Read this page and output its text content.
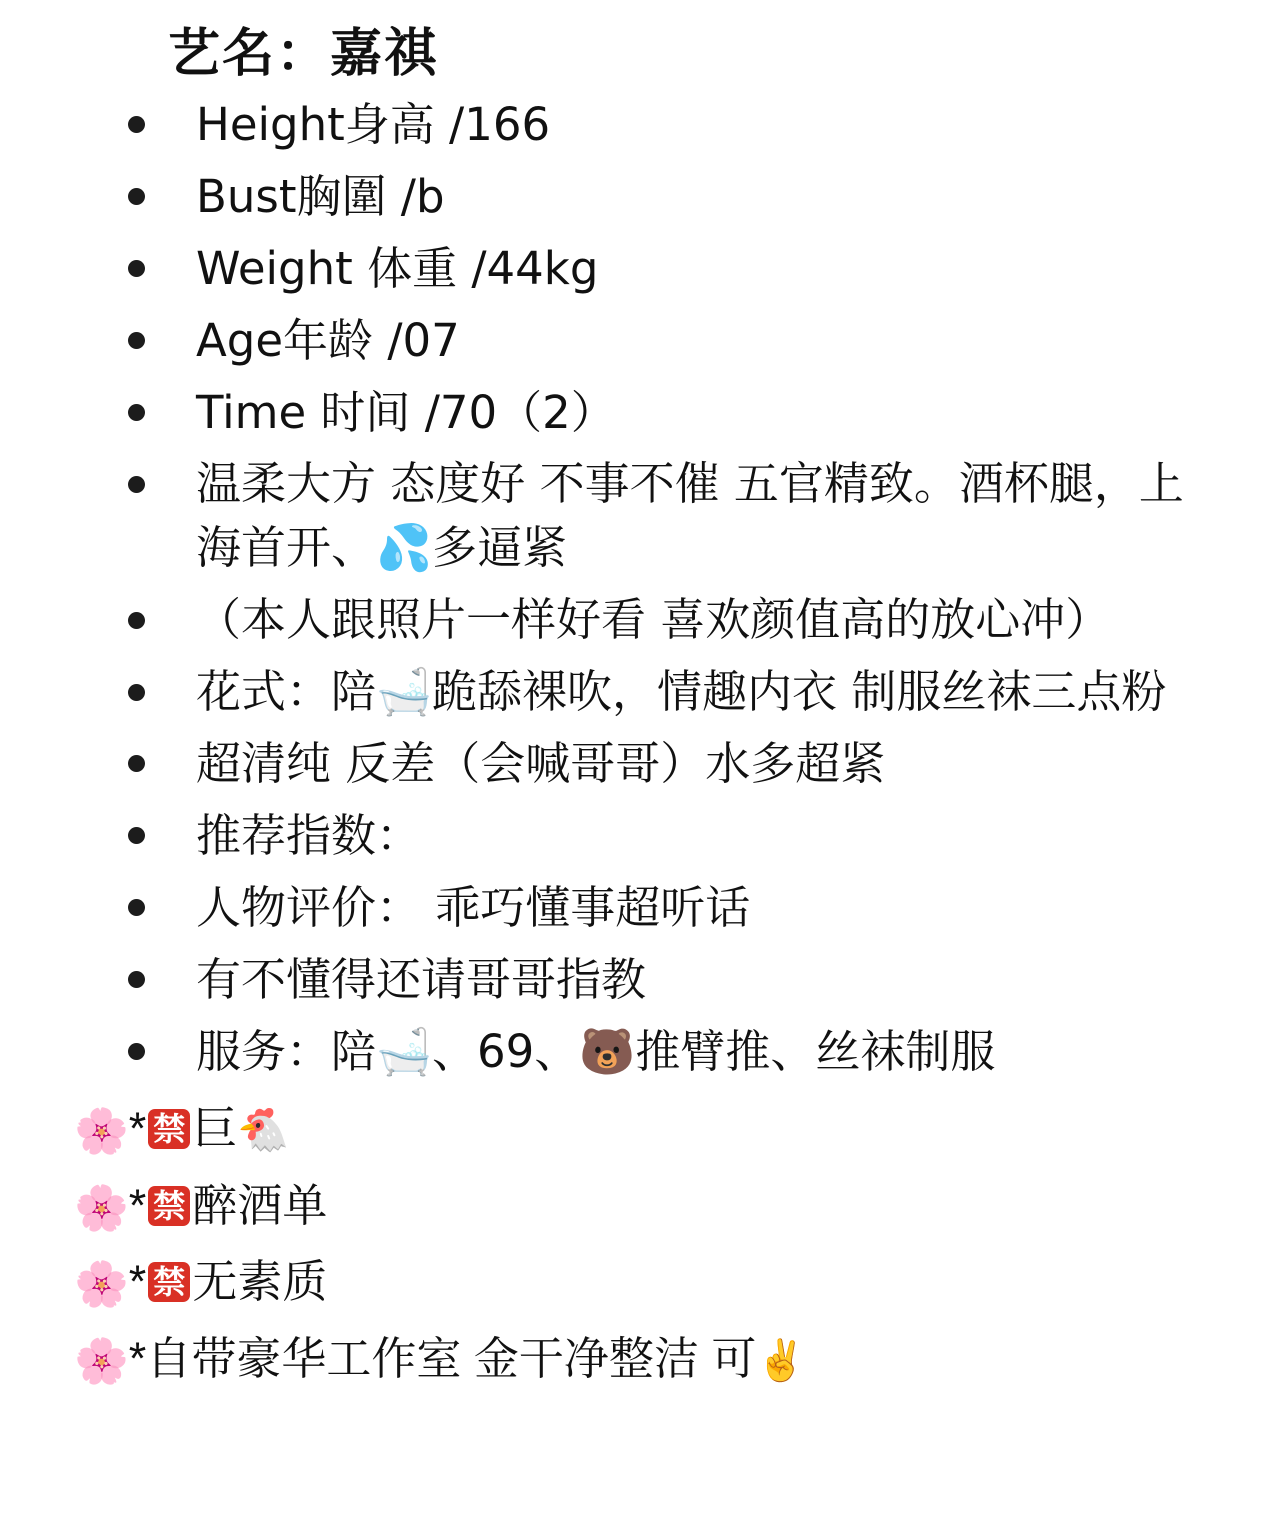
艺名：嘉祺
Height身高 /166
Bust胸圍 /b
Weight 体重 /44kg
Age年龄 /07
Time 时间 /70（2）
温柔大方 态度好 不事不催 五官精致。酒杯腿，上海首开、💦多逼紧
（本人跟照片一样好看 喜欢颜值高的放心冲）
花式：陪🛁跪舔裸吹，情趣内衣 制服丝袜三点粉
超清纯 反差（会喊哥哥）水多超紧
推荐指数：
人物评价： 乖巧懂事超听话
有不懂得还请哥哥指教
服务：陪🛁、69、🐻推臂推、丝袜制服
🌸* 禁 巨🐔
🌸* 禁 醉酒单
🌸* 禁 无素质
🌸*自带豪华工作室 金干净整洁 可✌️
